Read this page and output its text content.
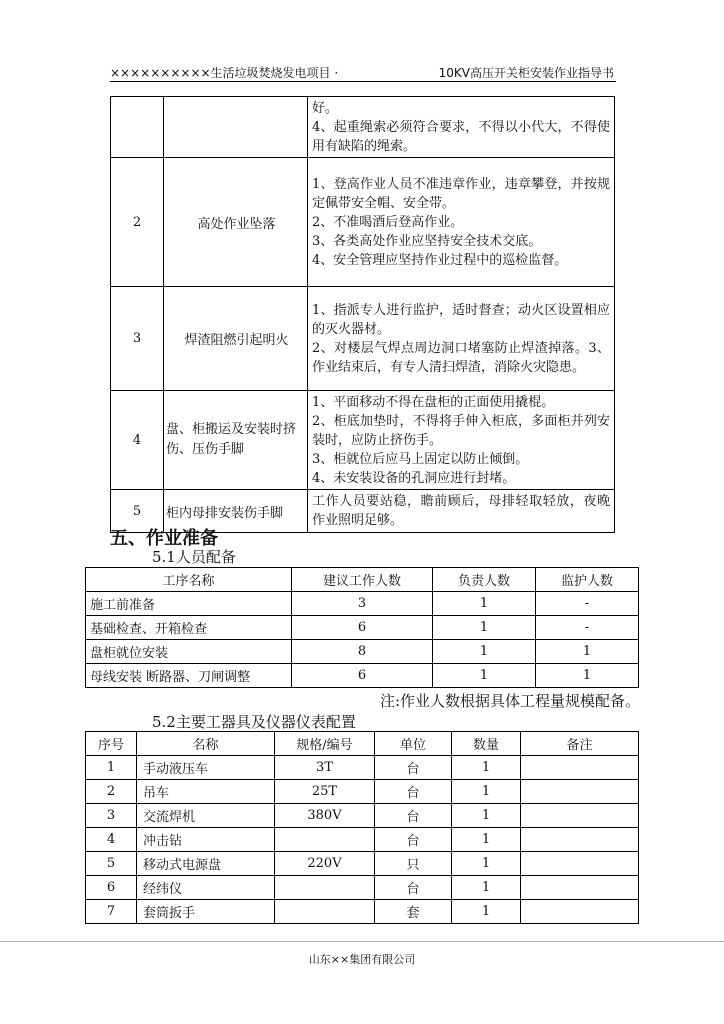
××××××××××生活垃圾焚烧发电项目 ·	10KV高压开关柜安装作业指导书
		好。
4、起重绳索必须符合要求，不得以小代大，不得使用有缺陷的绳索。
2	高处作业坠落	1、登高作业人员不准违章作业，违章攀登，并按规定佩带安全帽、安全带。
2、不准喝酒后登高作业。
3、各类高处作业应坚持安全技术交底。
4、安全管理应坚持作业过程中的巡检监督。
3	焊渣阻燃引起明火	1、指派专人进行监护，适时督查；动火区设置相应的灭火器材。
2、对楼层气焊点周边洞口堵塞防止焊渣掉落。3、作业结束后，有专人清扫焊渣，消除火灾隐患。
4	盘、柜搬运及安装时挤伤、压伤手脚	1、平面移动不得在盘柜的正面使用撬棍。
2、柜底加垫时，不得将手伸入柜底，多面柜并列安装时，应防止挤伤手。
3、柜就位后应马上固定以防止倾倒。
4、未安装设备的孔洞应进行封堵。
5	柜内母排安装伤手脚	工作人员要站稳，瞻前顾后，母排轻取轻放，夜晚作业照明足够。
五、作业准备
5.1人员配备
工序名称	建议工作人数	负责人数	监护人数
施工前准备	3	1	-
基础检查、开箱检查	6	1	-
盘柜就位安装	8	1	1
母线安装 断路器、刀闸调整	6	1	1
注:作业人数根据具体工程量规模配备。
5.2主要工器具及仪器仪表配置
序号	名称	规格/编号	单位	数量	备注
1	手动液压车	3T	台	1	
2	吊车	25T	台	1	
3	交流焊机	380V	台	1	
4	冲击钻		台	1	
5	移动式电源盘	220V	只	1	
6	经纬仪		台	1	
7	套筒扳手		套	1	
山东××集团有限公司
